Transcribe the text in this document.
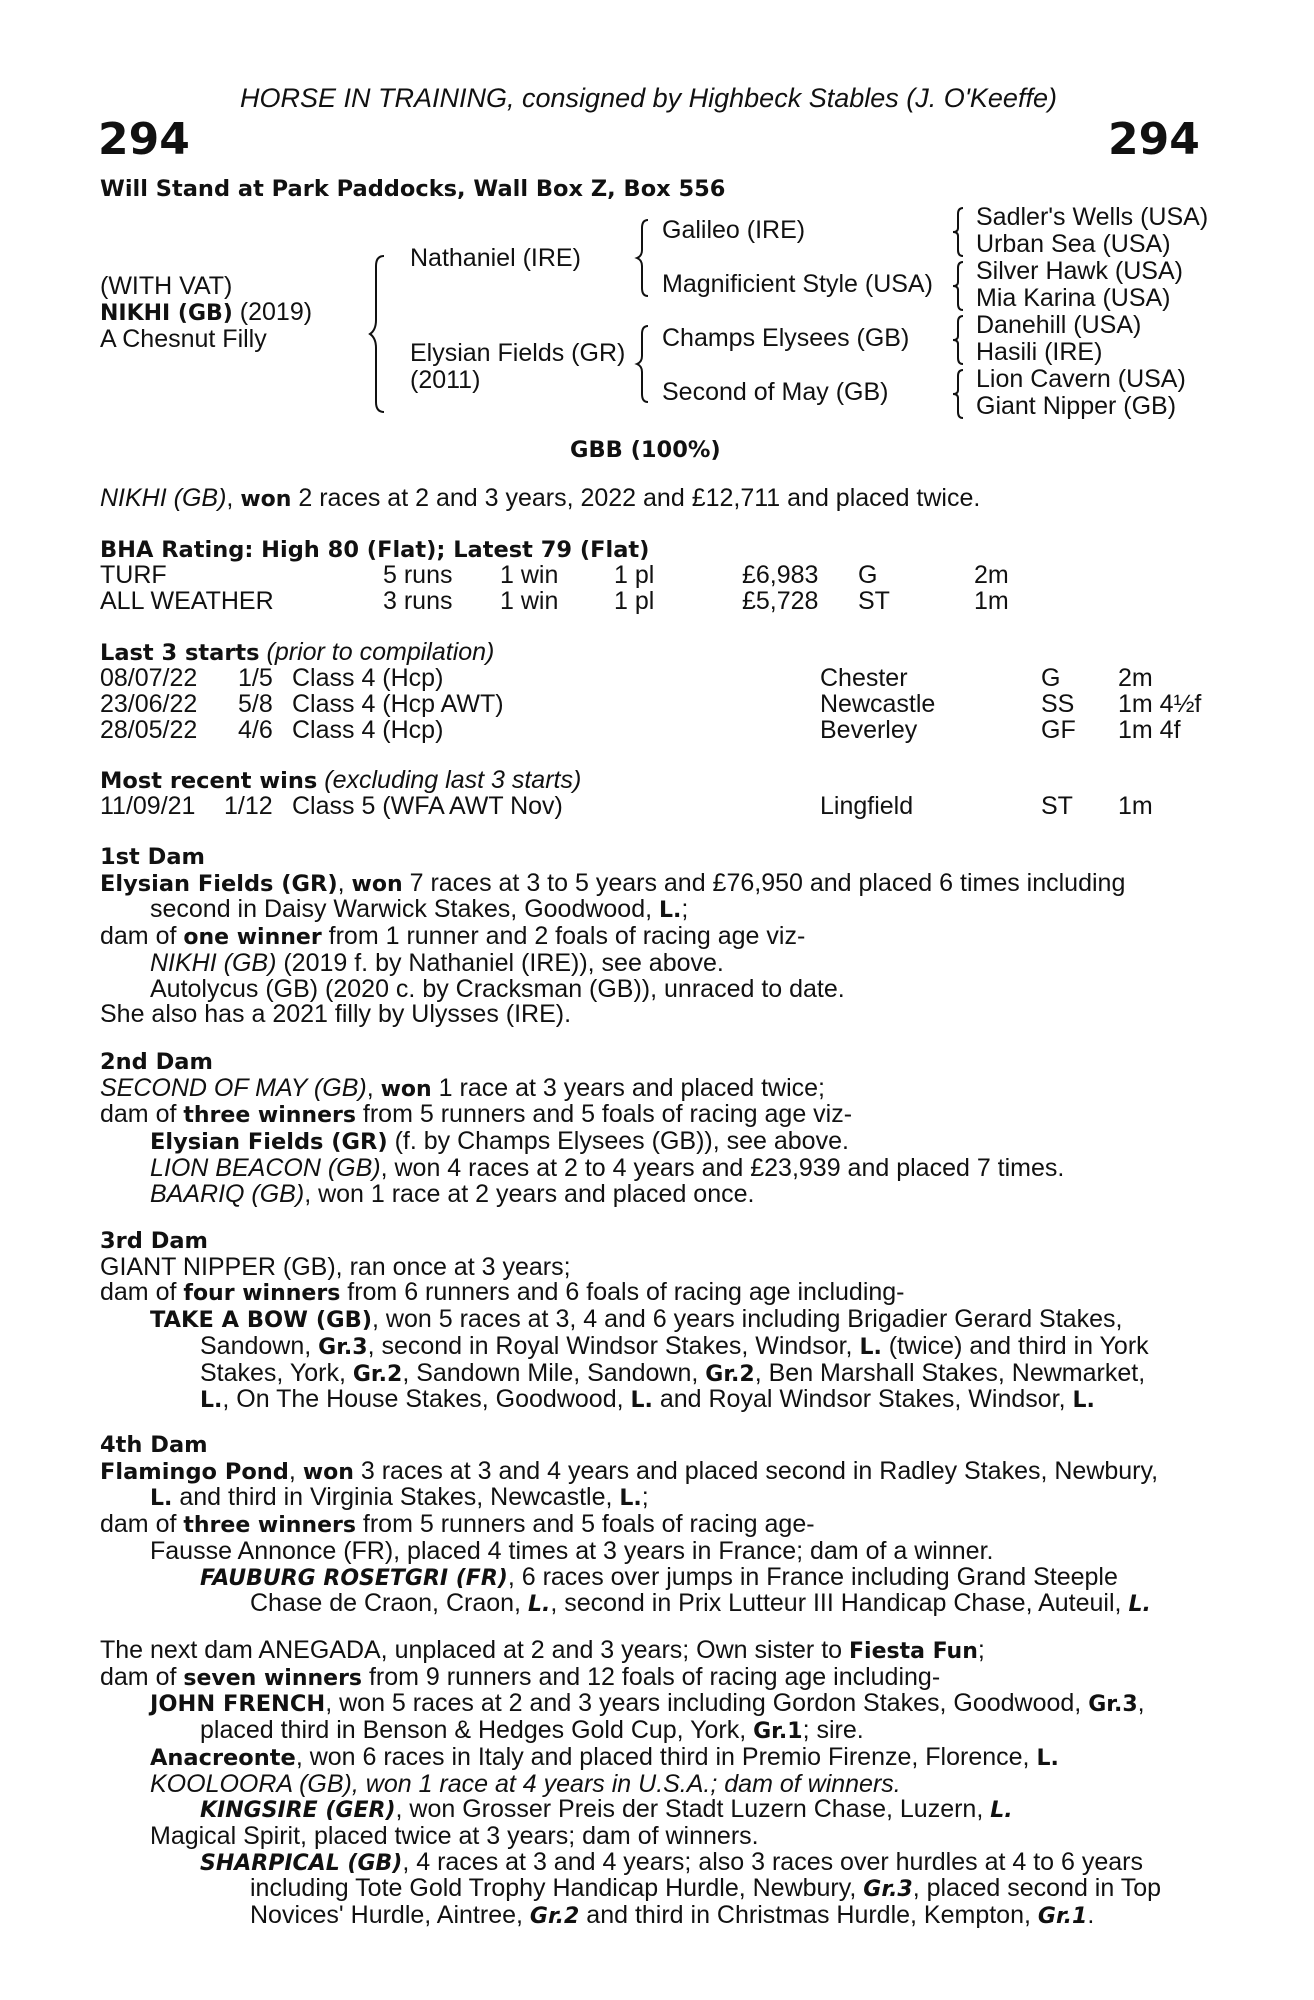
HORSE IN TRAINING, consigned by Highbeck Stables (J. O'Keeffe)
294	294
Will Stand at Park Paddocks, Wall Box Z, Box 556
(WITH VAT)
NIKHI (GB) (2019)
A Chesnut Filly
Nathaniel (IRE)
Elysian Fields (GR)
(2011)
Galileo (IRE)
Magnificient Style (USA)
Champs Elysees (GB)
Second of May (GB)
Sadler's Wells (USA)
Urban Sea (USA)
Silver Hawk (USA)
Mia Karina (USA)
Danehill (USA)
Hasili (IRE)
Lion Cavern (USA)
Giant Nipper (GB)
GBB (100%)
NIKHI (GB), won 2 races at 2 and 3 years, 2022 and £12,711 and placed twice.
BHA Rating: High 80 (Flat); Latest 79 (Flat)
TURF	5 runs 1 win 1 pl	£6,983 G	2m
ALL WEATHER	3 runs 1 win 1 pl	£5,728 ST	1m
Last 3 starts (prior to compilation)
08/07/22 1/5 Class 4 (Hcp)	Chester	G 2m
23/06/22 5/8 Class 4 (Hcp AWT)	Newcastle	SS 1m 4½f
28/05/22 4/6 Class 4 (Hcp)	Beverley	GF 1m 4f
Most recent wins (excluding last 3 starts)
11/09/21 1/12 Class 5 (WFA AWT Nov)	Lingfield	ST 1m
1st Dam
Elysian Fields (GR), won 7 races at 3 to 5 years and £76,950 and placed 6 times including
second in Daisy Warwick Stakes, Goodwood, L.;
dam of one winner from 1 runner and 2 foals of racing age viz-
NIKHI (GB) (2019 f. by Nathaniel (IRE)), see above.
Autolycus (GB) (2020 c. by Cracksman (GB)), unraced to date.
She also has a 2021 filly by Ulysses (IRE).
2nd Dam
SECOND OF MAY (GB), won 1 race at 3 years and placed twice;
dam of three winners from 5 runners and 5 foals of racing age viz-
Elysian Fields (GR) (f. by Champs Elysees (GB)), see above.
LION BEACON (GB), won 4 races at 2 to 4 years and £23,939 and placed 7 times.
BAARIQ (GB), won 1 race at 2 years and placed once.
3rd Dam
GIANT NIPPER (GB), ran once at 3 years;
dam of four winners from 6 runners and 6 foals of racing age including-
TAKE A BOW (GB), won 5 races at 3, 4 and 6 years including Brigadier Gerard Stakes,
Sandown, Gr.3, second in Royal Windsor Stakes, Windsor, L. (twice) and third in York
Stakes, York, Gr.2, Sandown Mile, Sandown, Gr.2, Ben Marshall Stakes, Newmarket,
L., On The House Stakes, Goodwood, L. and Royal Windsor Stakes, Windsor, L.
4th Dam
Flamingo Pond, won 3 races at 3 and 4 years and placed second in Radley Stakes, Newbury,
L. and third in Virginia Stakes, Newcastle, L.;
dam of three winners from 5 runners and 5 foals of racing age-
Fausse Annonce (FR), placed 4 times at 3 years in France; dam of a winner.
FAUBURG ROSETGRI (FR), 6 races over jumps in France including Grand Steeple
Chase de Craon, Craon, L., second in Prix Lutteur III Handicap Chase, Auteuil, L.
The next dam ANEGADA, unplaced at 2 and 3 years; Own sister to Fiesta Fun;
dam of seven winners from 9 runners and 12 foals of racing age including-
JOHN FRENCH, won 5 races at 2 and 3 years including Gordon Stakes, Goodwood, Gr.3,
placed third in Benson & Hedges Gold Cup, York, Gr.1; sire.
Anacreonte, won 6 races in Italy and placed third in Premio Firenze, Florence, L.
KOOLOORA (GB), won 1 race at 4 years in U.S.A.; dam of winners.
KINGSIRE (GER), won Grosser Preis der Stadt Luzern Chase, Luzern, L.
Magical Spirit, placed twice at 3 years; dam of winners.
SHARPICAL (GB), 4 races at 3 and 4 years; also 3 races over hurdles at 4 to 6 years
including Tote Gold Trophy Handicap Hurdle, Newbury, Gr.3, placed second in Top
Novices' Hurdle, Aintree, Gr.2 and third in Christmas Hurdle, Kempton, Gr.1.
